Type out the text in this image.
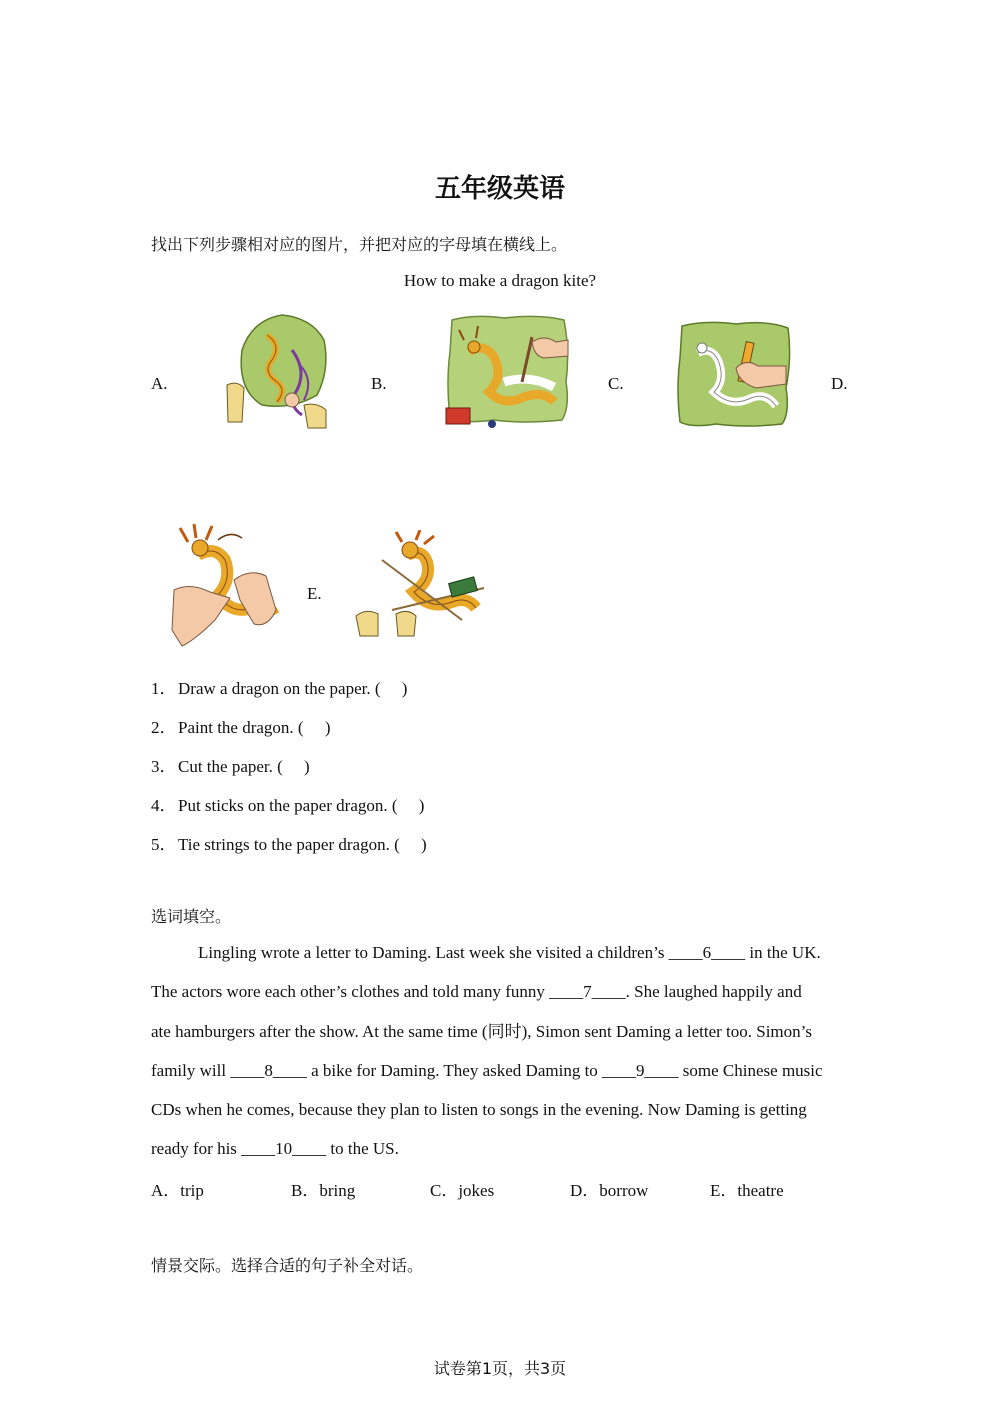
五年级英语
找出下列步骤相对应的图片，并把对应的字母填在横线上。
How to make a dragon kite?
A.	B.	C.	D.
E.
1．Draw a dragon on the paper. (  )
2．Paint the dragon. (  )
3．Cut the paper. (  )
4．Put sticks on the paper dragon. (  )
5．Tie strings to the paper dragon. (  )
选词填空。

Lingling wrote a letter to Daming. Last week she visited a children’s ____6____ in the UK.

The actors wore each other’s clothes and told many funny ____7____. She laughed happily and

ate hamburgers after the show. At the same time (同时), Simon sent Daming a letter too. Simon’s

family will ____8____ a bike for Daming. They asked Daming to ____9____ some Chinese music

CDs when he comes, because they plan to listen to songs in the evening. Now Daming is getting

ready for his ____10____ to the US.

A．trip	B．bring	C．jokes	D．borrow	E．theatre
情景交际。选择合适的句子补全对话。
试卷第1页，共3页
